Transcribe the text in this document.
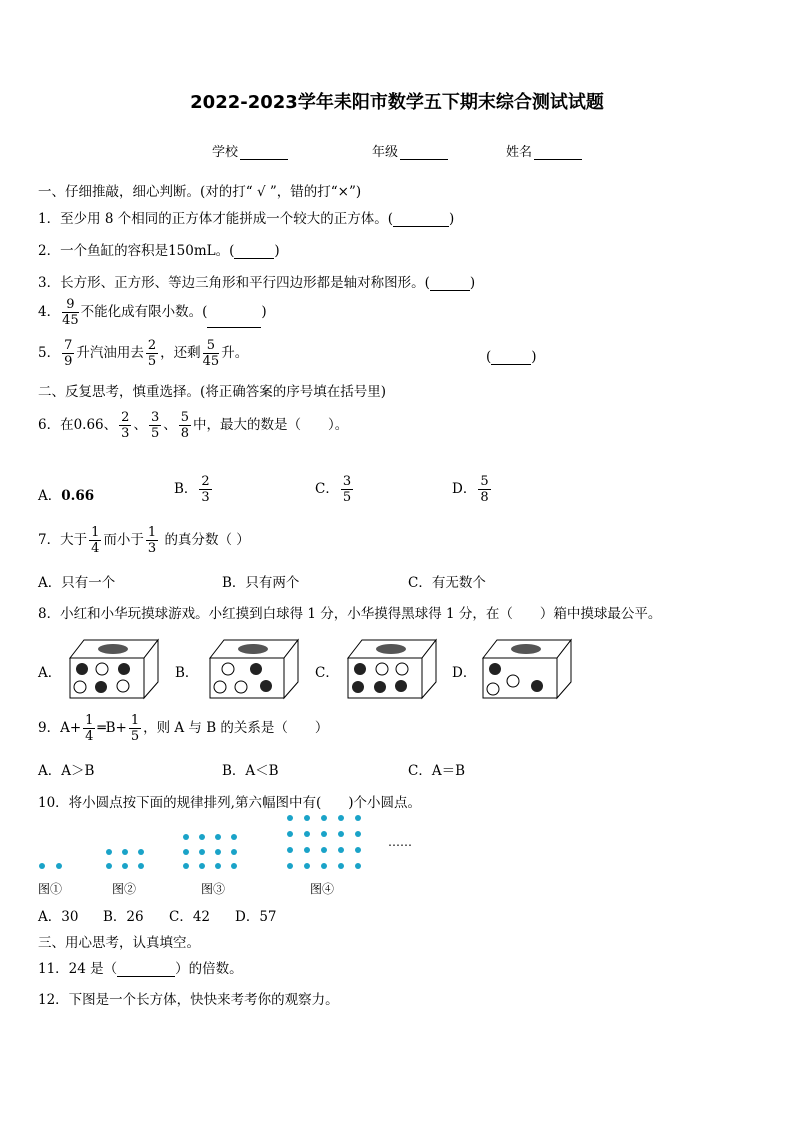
2022-2023学年耒阳市数学五下期末综合测试试题
学校	年级	姓名
一、仔细推敲，细心判断。(对的打“ √ ”，错的打“×”)
1．至少用 8 个相同的正方体才能拼成一个较大的正方体。(	)
2．一个鱼缸的容积是150mL。(	)
3．长方形、正方形、等边三角形和平行四边形都是轴对称图形。(	)
4． $\frac{9}{45}$ 不能化成有限小数。(	)
5． $\frac{7}{9}$ 升汽油用去 $\frac{2}{5}$ ，还剩 $\frac{5}{45}$ 升。	(	)
二、反复思考，慎重选择。(将正确答案的序号填在括号里)
6．在0.66、 $\frac{2}{3}$ 、 $\frac{3}{5}$ 、 $\frac{5}{8}$ 中，最大的数是（　　）。
A．0.66	B． $\frac{2}{3}$	C． $\frac{3}{5}$	D． $\frac{5}{8}$
7．大于 $\frac{1}{4}$ 而小于 $\frac{1}{3}$ 的真分数（ ）
A．只有一个	B．只有两个	C．有无数个
8．小红和小华玩摸球游戏。小红摸到白球得 1 分，小华摸得黑球得 1 分，在（　　）箱中摸球最公平。
A．	B．	C．	D．
9．$A+ \frac{1}{4}$ ═B+ $\frac{1}{5}$ ，则 A 与 B 的关系是（　　）
A．A＞B	B．A＜B	C．A＝B
10．将小圆点按下面的规律排列,第六幅图中有(　　)个小圆点。
……
图①	图②	图③	图④
A．30 B．26 C．42 D．57
三、用心思考，认真填空。
11．24 是（	）的倍数。
12．下图是一个长方体，快快来考考你的观察力。
